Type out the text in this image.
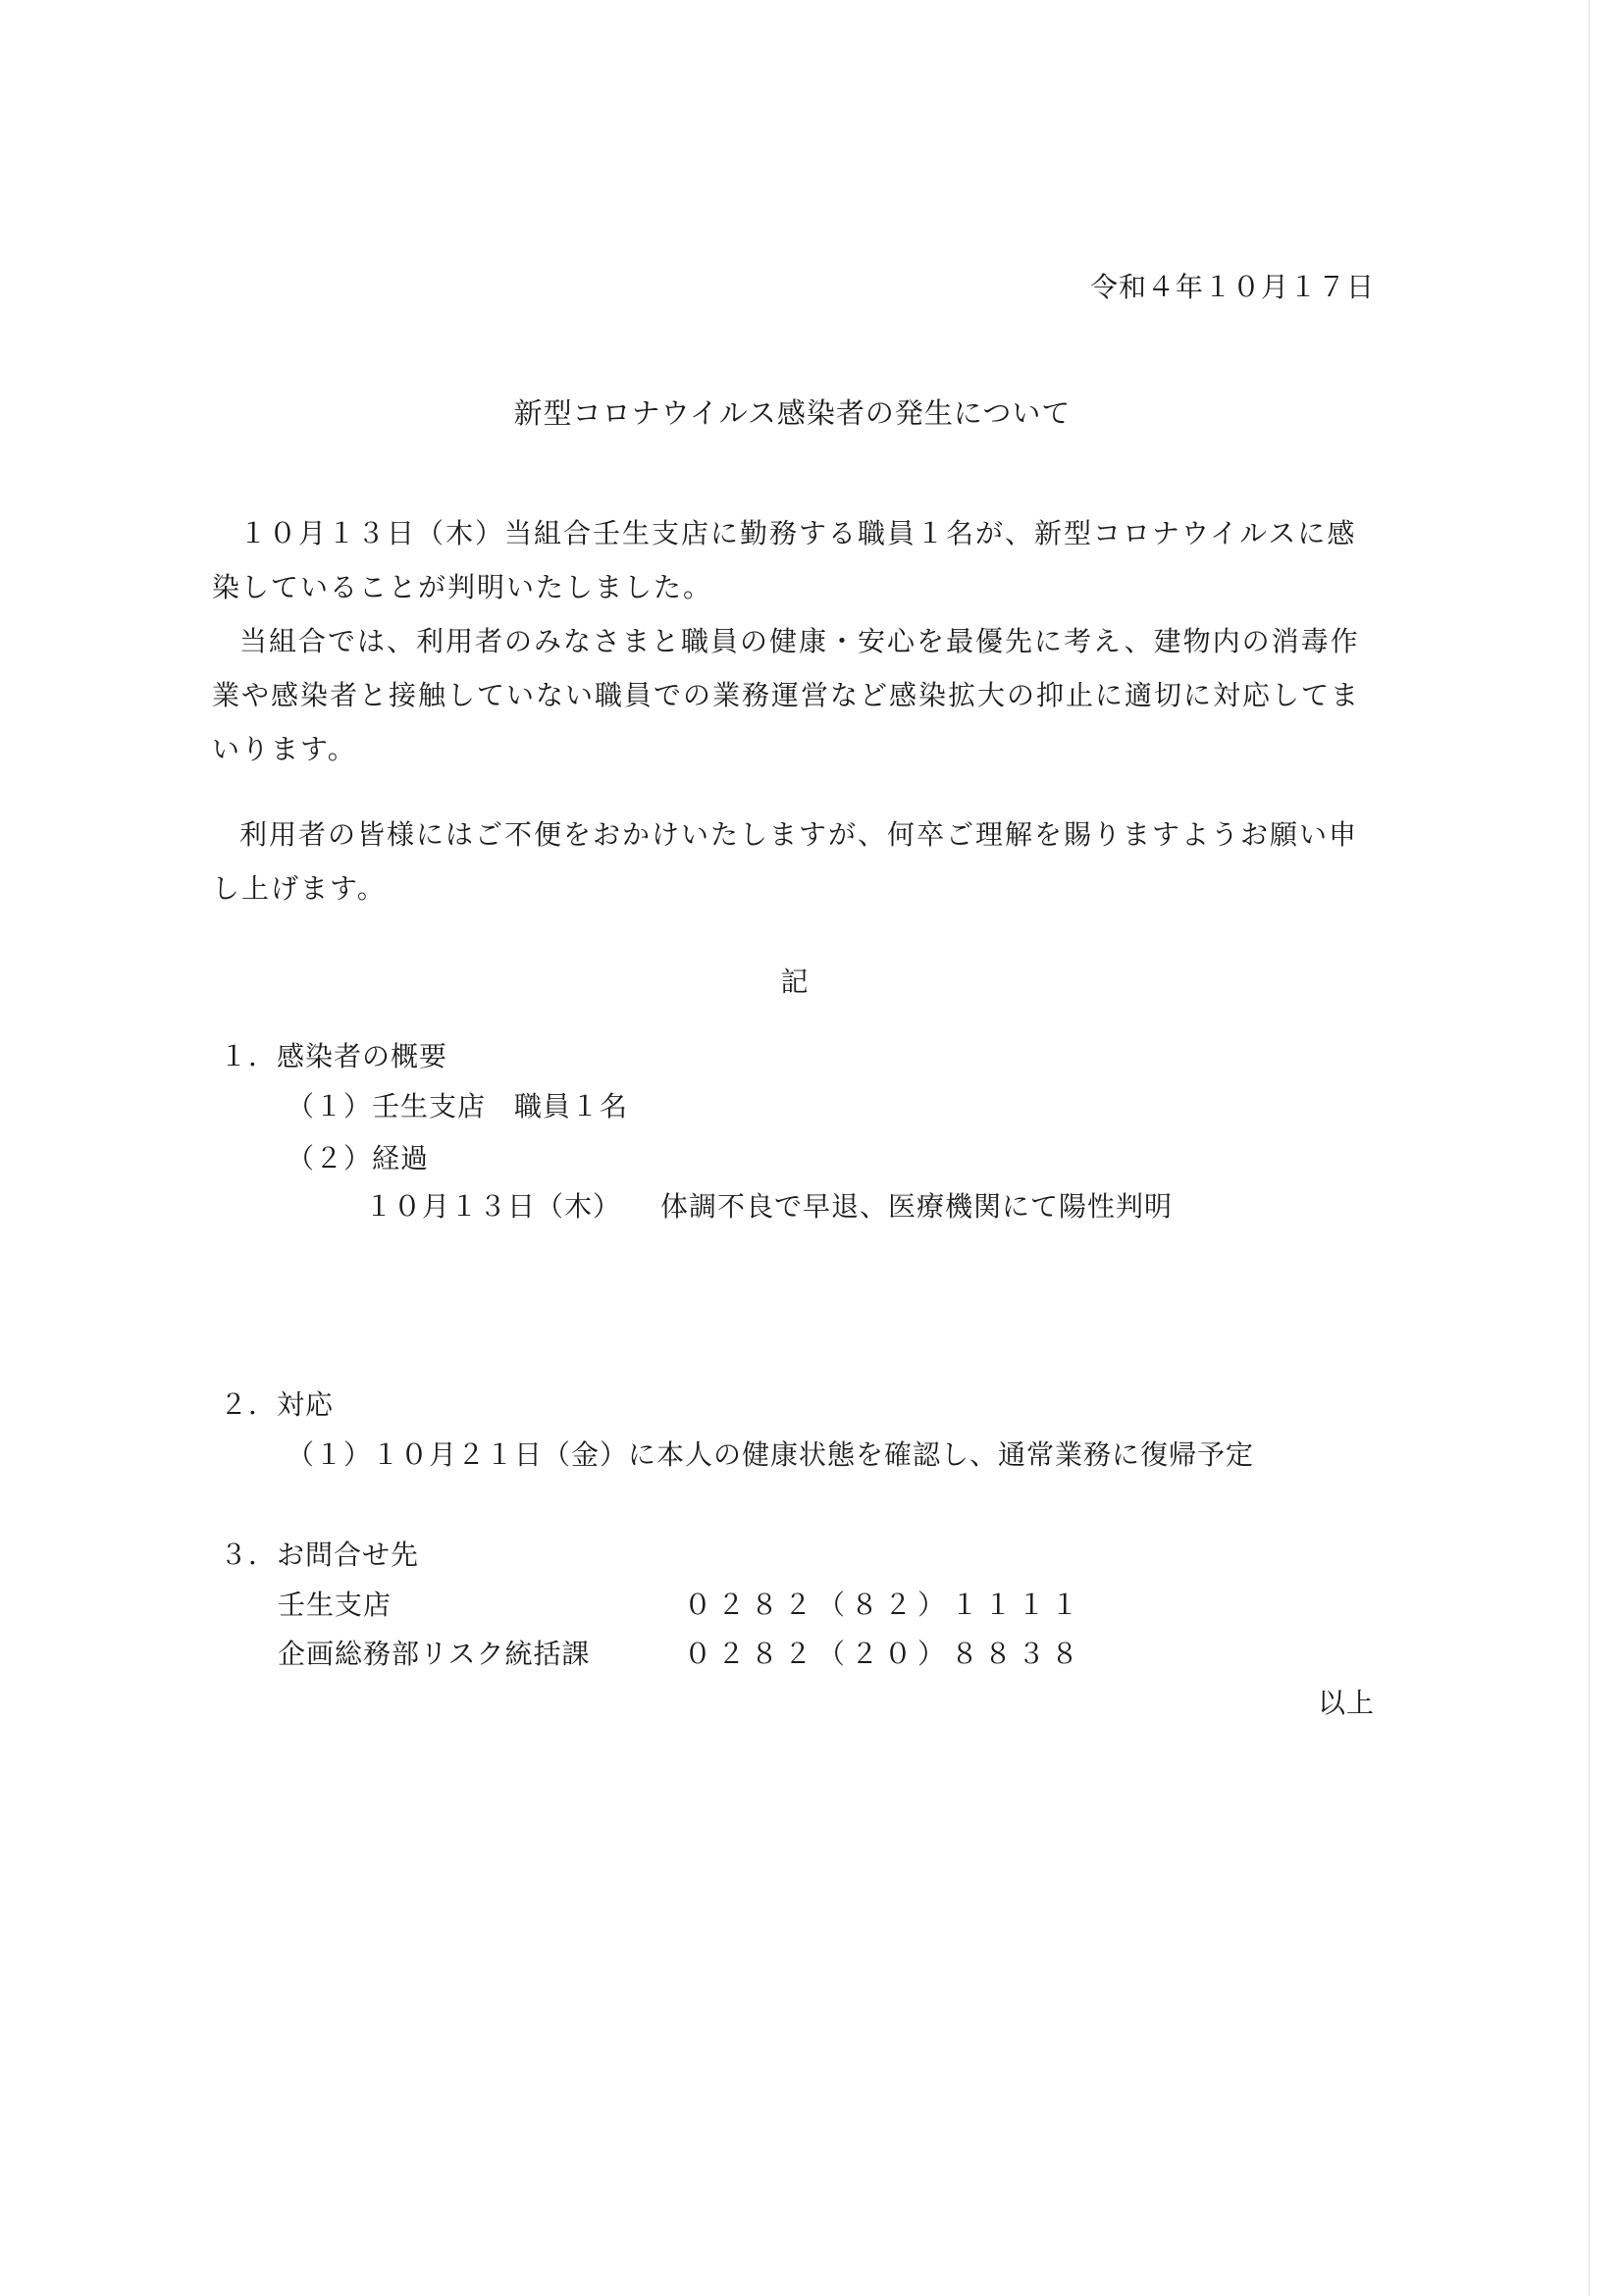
令和４年１０月１７日
新型コロナウイルス感染者の発生について
１０月１３日（木）当組合壬生支店に勤務する職員１名が、新型コロナウイルスに感染していることが判明いたしました。
当組合では、利用者のみなさまと職員の健康・安心を最優先に考え、建物内の消毒作業や感染者と接触していない職員での業務運営など感染拡大の抑止に適切に対応してまいります。
利用者の皆様にはご不便をおかけいたしますが、何卒ご理解を賜りますようお願い申し上げます。
記
１．感染者の概要
（１）壬生支店　職員１名
（２）経過
１０月１３日（木） 体調不良で早退、医療機関にて陽性判明
２．対応
（１）１０月２１日（金）に本人の健康状態を確認し、通常業務に復帰予定
３．お問合せ先
壬生支店	０２８２（８２）１１１１
企画総務部リスク統括課	０２８２（２０）８８３８
以上
